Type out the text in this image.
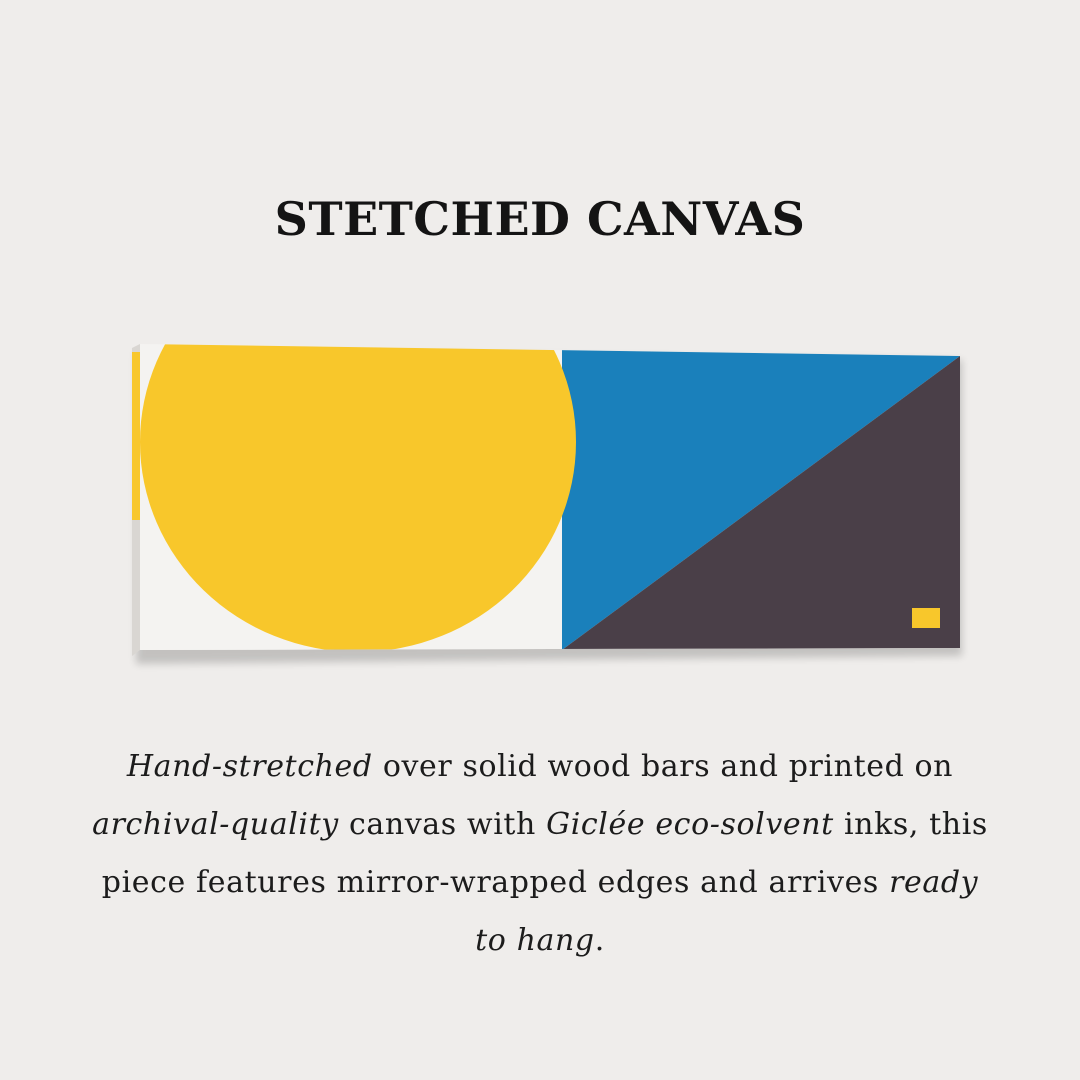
STETCHED CANVAS

Hand-stretched over solid wood bars and printed on archival-quality canvas with Giclée eco-solvent inks, this piece features mirror-wrapped edges and arrives ready to hang.
